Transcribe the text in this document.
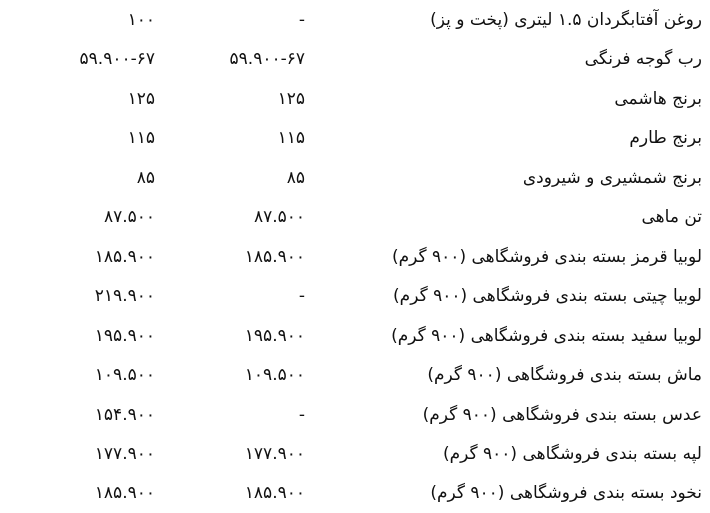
روغن آفتابگردان ۱.۵ لیتری (پخت و پز)
-
۱۰۰
رب گوجه فرنگی
۵۹.۹۰۰-۶۷
۵۹.۹۰۰-۶۷
برنج هاشمی
۱۲۵
۱۲۵
برنج طارم
۱۱۵
۱۱۵
برنج شمشیری و شیرودی
۸۵
۸۵
تن ماهی
۸۷.۵۰۰
۸۷.۵۰۰
لوبیا قرمز بسته بندی فروشگاهی (۹۰۰ گرم)
۱۸۵.۹۰۰
۱۸۵.۹۰۰
لوبیا چیتی بسته بندی فروشگاهی (۹۰۰ گرم)
-
۲۱۹.۹۰۰
لوبیا سفید بسته بندی فروشگاهی (۹۰۰ گرم)
۱۹۵.۹۰۰
۱۹۵.۹۰۰
ماش بسته بندی فروشگاهی (۹۰۰ گرم)
۱۰۹.۵۰۰
۱۰۹.۵۰۰
عدس بسته بندی فروشگاهی (۹۰۰ گرم)
-
۱۵۴.۹۰۰
لپه بسته بندی فروشگاهی (۹۰۰ گرم)
۱۷۷.۹۰۰
۱۷۷.۹۰۰
نخود بسته بندی فروشگاهی (۹۰۰ گرم)
۱۸۵.۹۰۰
۱۸۵.۹۰۰
